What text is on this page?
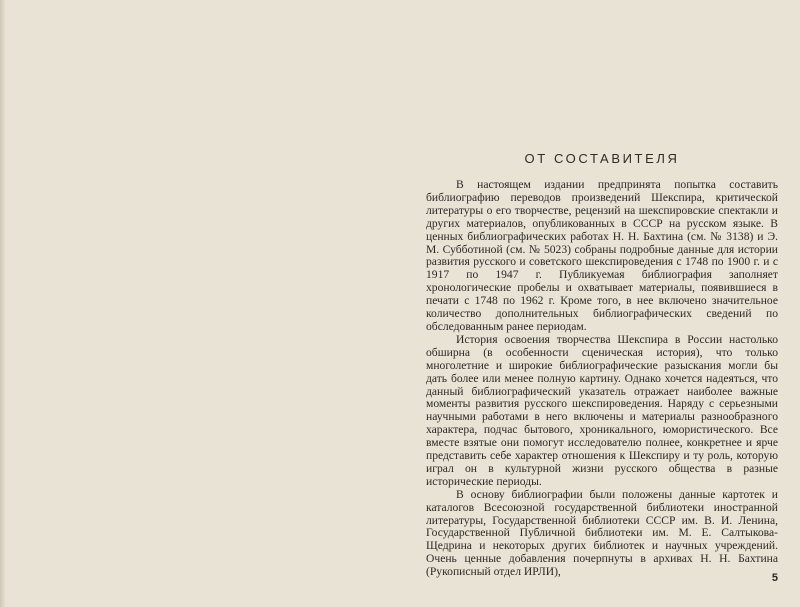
ОТ СОСТАВИТЕЛЯ

В настоящем издании предпринята попытка составить библиографию переводов произведений Шекспира, критической литературы о его творчестве, рецензий на шекспировские спектакли и других материалов, опубликованных в СССР на русском языке. В ценных библиографических работах Н. Н. Бахтина (см. № 3138) и Э. М. Субботиной (см. № 5023) собраны подробные данные для истории развития русского и советского шекспироведения с 1748 по 1900 г. и с 1917 по 1947 г. Публикуемая библиография заполняет хронологические пробелы и охватывает материалы, появившиеся в печати с 1748 по 1962 г. Кроме того, в нее включено значительное количество дополнительных библиографических сведений по обследованным ранее периодам.

История освоения творчества Шекспира в России настолько обширна (в особенности сценическая история), что только многолетние и широкие библиографические разыскания могли бы дать более или менее полную картину. Однако хочется надеяться, что данный библиографический указатель отражает наиболее важные моменты развития русского шекспироведения. Наряду с серьезными научными работами в него включены и материалы разнообразного характера, подчас бытового, хроникального, юмористического. Все вместе взятые они помогут исследователю полнее, конкретнее и ярче представить себе характер отношения к Шекспиру и ту роль, которую играл он в культурной жизни русского общества в разные исторические периоды.

В основу библиографии были положены данные картотек и каталогов Всесоюзной государственной библиотеки иностранной литературы, Государственной библиотеки СССР им. В. И. Ленина, Государственной Публичной библиотеки им. М. Е. Салтыкова-Щедрина и некоторых других библиотек и научных учреждений. Очень ценные добавления почерпнуты в архивах Н. Н. Бахтина (Рукописный отдел ИРЛИ),	5
